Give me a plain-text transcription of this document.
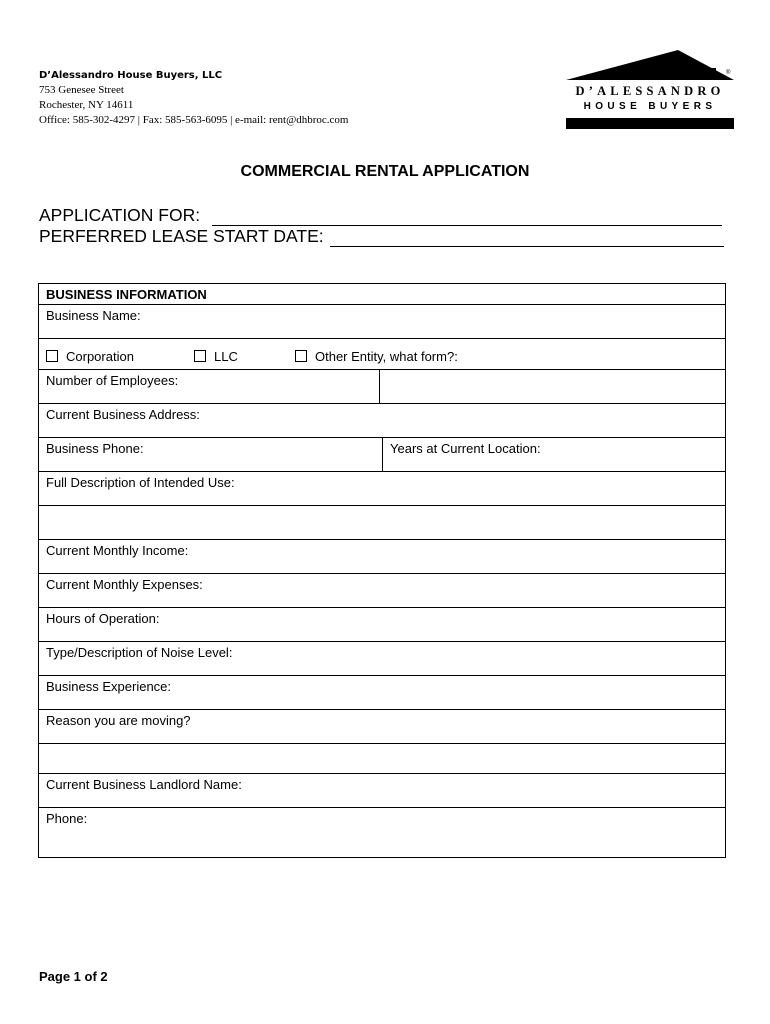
D’Alessandro House Buyers, LLC
753 Genesee Street
Rochester, NY 14611
Office: 585-302-4297 | Fax: 585-563-6095 | e-mail: rent@dhbroc.com
®
D’ALESSANDRO
HOUSE BUYERS
COMMERCIAL RENTAL APPLICATION
APPLICATION FOR:
PERFERRED LEASE START DATE:
BUSINESS INFORMATION		
Business Name:		

Corporation LLC Other Entity, what form?:		

Number of Employees:		
Current Business Address:		
Business Phone:		Years at Current Location:
Full Description of Intended Use:		

Current Monthly Income:		
Current Monthly Expenses:		
Hours of Operation:		
Type/Description of Noise Level:		
Business Experience:		
Reason you are moving?		

Current Business Landlord Name:		
Phone:		
Page 1 of 2
